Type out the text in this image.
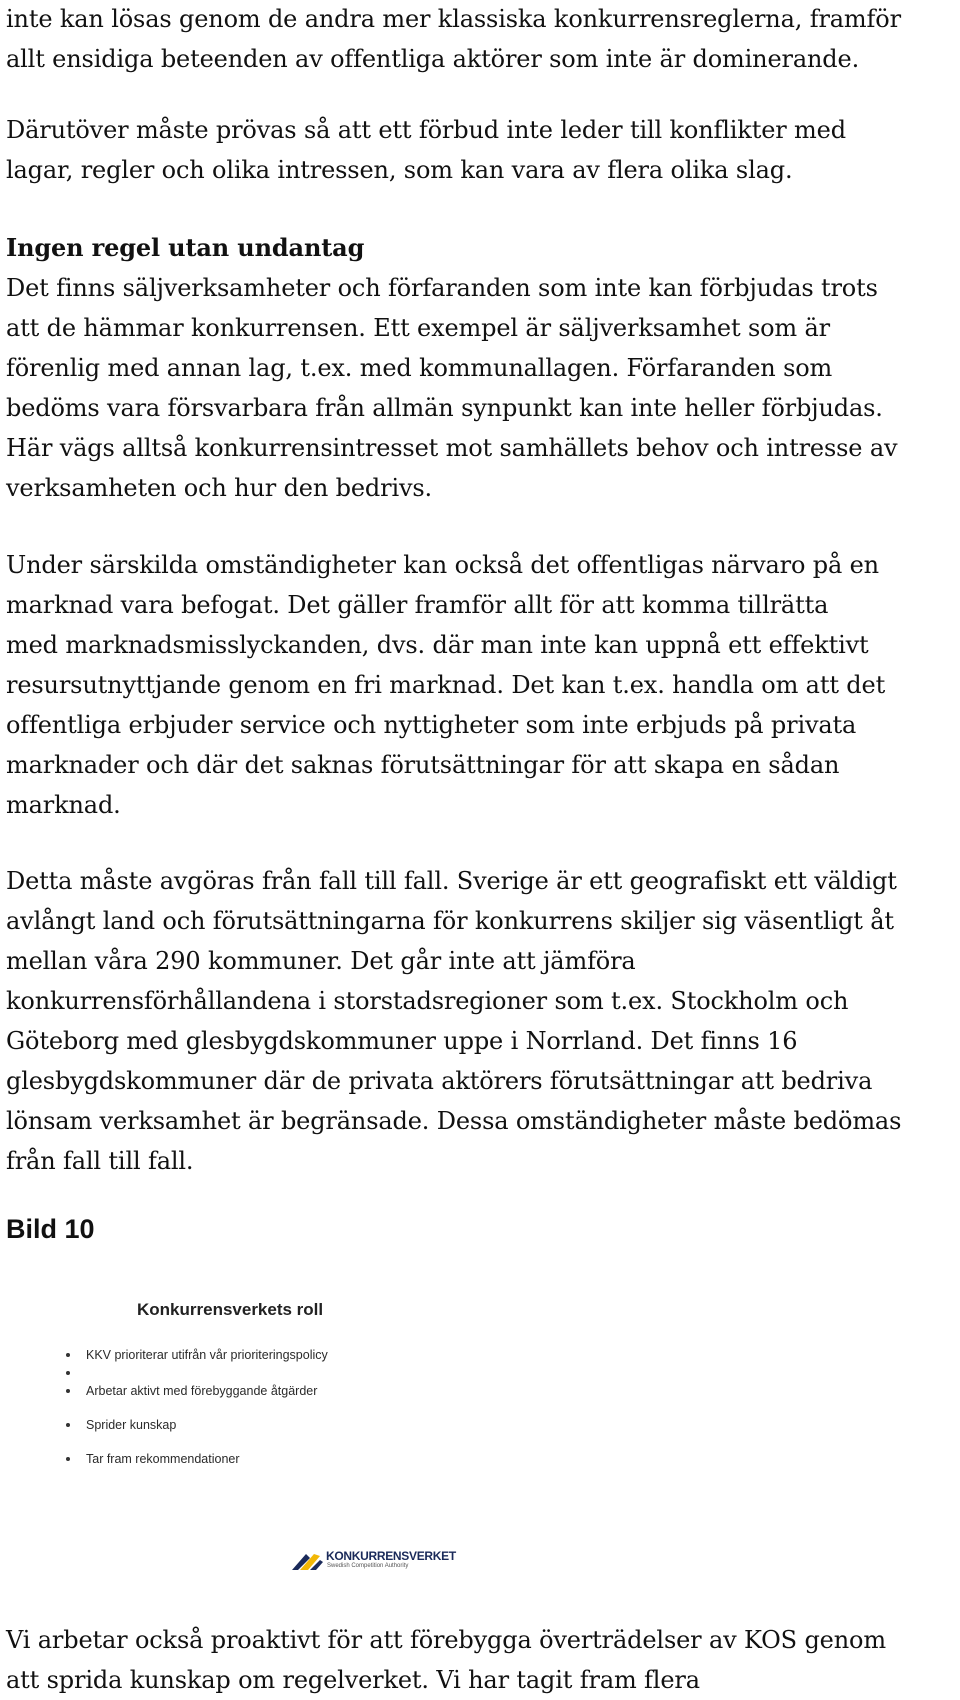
inte kan lösas genom de andra mer klassiska konkurrensreglerna, framför
allt ensidiga beteenden av offentliga aktörer som inte är dominerande.

Därutöver måste prövas så att ett förbud inte leder till konflikter med
lagar, regler och olika intressen, som kan vara av flera olika slag.

Ingen regel utan undantag
Det finns säljverksamheter och förfaranden som inte kan förbjudas trots
att de hämmar konkurrensen. Ett exempel är säljverksamhet som är
förenlig med annan lag, t.ex. med kommunallagen. Förfaranden som
bedöms vara försvarbara från allmän synpunkt kan inte heller förbjudas.
Här vägs alltså konkurrensintresset mot samhällets behov och intresse av
verksamheten och hur den bedrivs.

Under särskilda omständigheter kan också det offentligas närvaro på en
marknad vara befogat. Det gäller framför allt för att komma tillrätta
med marknadsmisslyckanden, dvs. där man inte kan uppnå ett effektivt
resursutnyttjande genom en fri marknad. Det kan t.ex. handla om att det
offentliga erbjuder service och nyttigheter som inte erbjuds på privata
marknader och där det saknas förutsättningar för att skapa en sådan
marknad.

Detta måste avgöras från fall till fall. Sverige är ett geografiskt ett väldigt
avlångt land och förutsättningarna för konkurrens skiljer sig väsentligt åt
mellan våra 290 kommuner. Det går inte att jämföra
konkurrensförhållandena i storstadsregioner som t.ex. Stockholm och
Göteborg med glesbygdskommuner uppe i Norrland. Det finns 16
glesbygdskommuner där de privata aktörers förutsättningar att bedriva
lönsam verksamhet är begränsade. Dessa omständigheter måste bedömas
från fall till fall.

Bild 10
Konkurrensverkets roll
KKV prioriterar utifrån vår prioriteringspolicy
Arbetar aktivt med förebyggande åtgärder
Sprider kunskap
Tar fram rekommendationer
KONKURRENSVERKET
Swedish Competition Authority

Vi arbetar också proaktivt för att förebygga överträdelser av KOS genom
att sprida kunskap om regelverket. Vi har tagit fram flera
